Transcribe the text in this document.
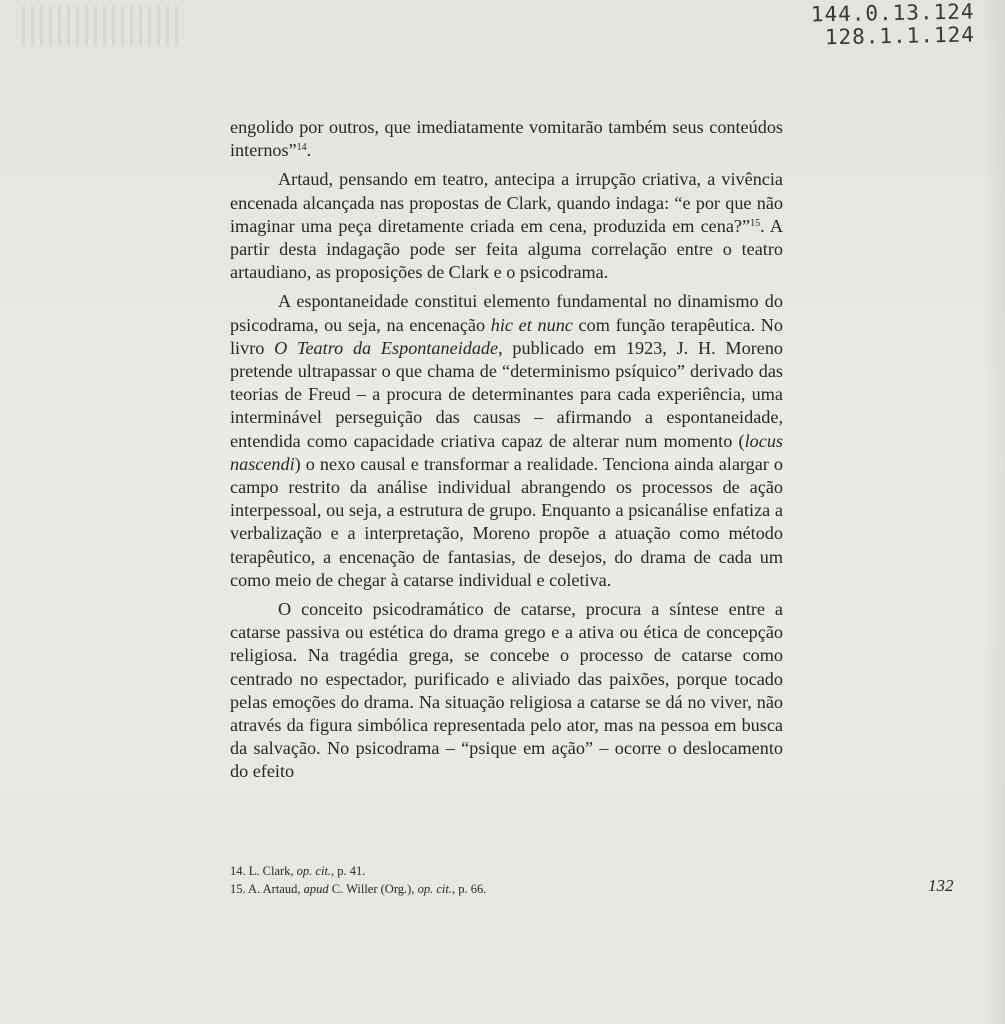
144.0.13.124
128.1.1.124

engolido por outros, que imediatamente vomitarão também seus conteúdos internos”$^{14}$.

Artaud, pensando em teatro, antecipa a irrupção criativa, a vivência encenada alcançada nas propostas de Clark, quando indaga: “e por que não imaginar uma peça diretamente criada em cena, produzida em cena?”$^{15}$. A partir desta indagação pode ser feita alguma correlação entre o teatro artaudiano, as proposições de Clark e o psicodrama.

A espontaneidade constitui elemento fundamental no dinamismo do psicodrama, ou seja, na encenação hic et nunc com função terapêutica. No livro O Teatro da Espontaneidade, publicado em 1923, J. H. Moreno pretende ultrapassar o que chama de “determinismo psíquico” derivado das teorias de Freud – a procura de determinantes para cada experiência, uma interminável perseguição das causas – afirmando a espontaneidade, entendida como capacidade criativa capaz de alterar num momento (locus nascendi) o nexo causal e transformar a realidade. Tenciona ainda alargar o campo restrito da análise individual abrangendo os processos de ação interpessoal, ou seja, a estrutura de grupo. Enquanto a psicanálise enfatiza a verbalização e a interpretação, Moreno propõe a atuação como método terapêutico, a encenação de fantasias, de desejos, do drama de cada um como meio de chegar à catarse individual e coletiva.

O conceito psicodramático de catarse, procura a síntese entre a catarse passiva ou estética do drama grego e a ativa ou ética de concepção religiosa. Na tragédia grega, se concebe o processo de catarse como centrado no espectador, purificado e aliviado das paixões, porque tocado pelas emoções do drama. Na situação religiosa a catarse se dá no viver, não através da figura simbólica representada pelo ator, mas na pessoa em busca da salvação. No psicodrama – “psique em ação” – ocorre o deslocamento do efeito

14. L. Clark, op. cit., p. 41.
15. A. Artaud, apud C. Willer (Org.), op. cit., p. 66.	132
